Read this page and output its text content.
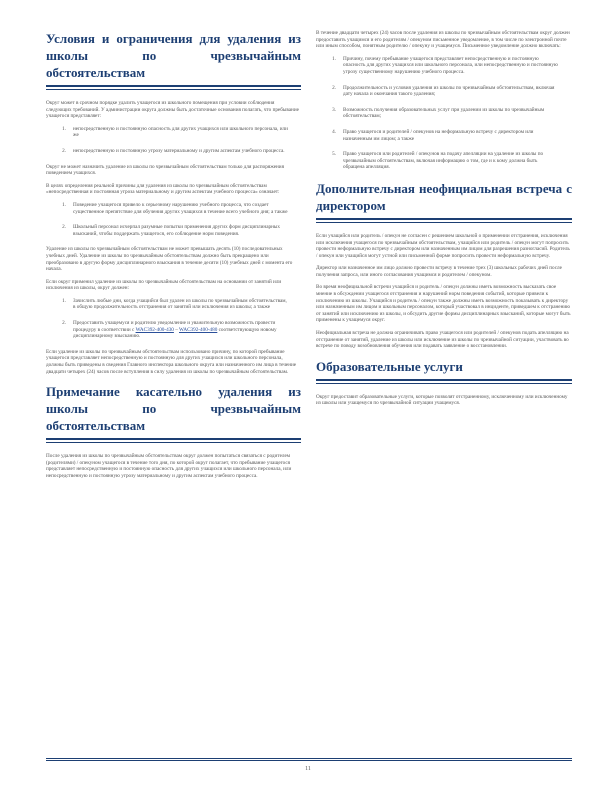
Условия и ограничения для удаления из школы по чрезвычайным обстоятельствам

Округ может в срочном порядке удалить учащегося из школьного помещения при условии соблюдения следующих требований. У администрации округа должны быть достаточные основания полагать, что пребывание учащегося представляет:

1.	непосредственную и постоянную опасность для других учащихся или школьного персонала, или же
2.	непосредственную и постоянную угрозу материальному и другим аспектам учебного процесса.

Округ не может назначить удаление из школы по чрезвычайным обстоятельствам только для распоряжения поведением учащихся.

В целях определения реальной причины для удаления из школы по чрезвычайным обстоятельствам «непосредственная и постоянная угроза материальному и другим аспектам учебного процесса» означает:

1.	Поведение учащегося привело к серьезному нарушению учебного процесса, что создает существенное препятствие для обучения других учащихся в течение всего учебного дня; а также
2.	Школьный персонал исчерпал разумные попытки применения других форм дисциплинарных взысканий, чтобы поддержать учащегося, его соблюдение норм поведения.

Удаление из школы по чрезвычайным обстоятельствам не может превышать десять (10) последовательных учебных дней. Удаление из школы по чрезвычайным обстоятельствам должно быть прекращено или преобразовано в другую форму дисциплинарного взыскания в течение десяти (10) учебных дней с момента его начала.

Если округ применил удаление из школы по чрезвычайным обстоятельствам на основании от занятий или исключения из школы, округ должен:

1.	Зачислить любые дни, когда учащийся был удален из школы по чрезвычайным обстоятельствам, в общую продолжительность отстранения от занятий или исключения из школы; а также
2.	Предоставить учащемуся и родителю уведомление и уважительную возможность провести процедуру в соответствии с WAC392-400-430 – WAC392-400-480 соответствующую новому дисциплинарному взысканию.

Если удаление из школы по чрезвычайным обстоятельствам использовано причину, по которой пребывание учащегося представляет непосредственную и постоянную для других учащихся или школьного персонала, должны быть приведены в сведения Главного инспектора школьного округа или назначенного им лица в течение двадцати четырех (24) часов после вступления в силу удаления из школы по чрезвычайным обстоятельствам.

Примечание касательно удаления из школы по чрезвычайным обстоятельствам

После удаления из школы по чрезвычайным обстоятельствам округ должен попытаться связаться с родителем (родителями) / опекуном учащегося в течение того дня, по которой округ полагает, что пребывание учащегося представляет непосредственную и постоянную опасность для других учащихся или школьного персонала, или непосредственную и постоянную угрозу материальному и другим аспектам учебного процесса.

В течение двадцати четырех (24) часов после удаления из школы по чрезвычайным обстоятельствам округ должен предоставить учащимся и его родителям / опекуном письменное уведомление, в том числе по электронной почте или иным способом, понятным родителю / опекуну и учащемуся. Письменное уведомление должно включать:

1.	Причину, почему пребывание учащегося представляет непосредственную и постоянную опасность для других учащихся или школьного персонала, или непосредственную и постоянную угрозу существенному нарушению учебного процесса.
2.	Продолжительность и условия удаления из школы по чрезвычайным обстоятельствам, включая дату начала и окончания такого удаления;
3.	Возможность получения образовательных услуг при удалении из школы по чрезвычайным обстоятельствам;
4.	Право учащегося и родителей / опекунов на неформальную встречу с директором или назначенным им лицом; а также
5.	Право учащегося или родителей / опекунов на подачу апелляции на удаление из школы по чрезвычайным обстоятельствам, включая информацию о том, где и к кому должна быть обращена апелляция.
Дополнительная неофициальная встреча с директором

Если учащийся или родитель / опекун не согласен с решением школьной о применении отстранения, исключения или исключения учащегося по чрезвычайным обстоятельствам, учащийся или родитель / опекун могут попросить провести неформальную встречу с директором или назначенным им лицом для разрешения разногласий. Родитель / опекун или учащийся могут устной или письменной форме попросить провести неформальную встречу.

Директор или назначенное им лицо должно провести встречу в течение трех (3) школьных рабочих дней после получения запроса, или иного согласования учащимся и родителем / опекуном.

Во время неофициальной встречи учащийся и родитель / опекун должны иметь возможность высказать свое мнение в обсуждении учащегося отстранения и нарушений норм поведения событий, которые привели к исключению из школы. Учащийся и родитель / опекун также должны иметь возможность показывать к директору или назначенным им лицом и школьным персоналом, который участвовал в инциденте, приведшем к отстранению от занятий или исключению из школы, и обсудить другие формы дисциплинарных взысканий, которые могут быть применены к учащемуся округ.

Неофициальная встреча не должна ограничивать право учащегося или родителей / опекунов подать апелляцию на отстранение от занятий, удаление из школы или исключение из школы по чрезвычайной ситуации, участвовать во встрече по поводу возобновления обучения или подавать заявление о восстановлении.

Образовательные услуги

Округ предоставит образовательные услуги, которые позволят отстраненному, исключенному или исключенному из школы или учащемуся по чрезвычайной ситуации учащемуся.

11
